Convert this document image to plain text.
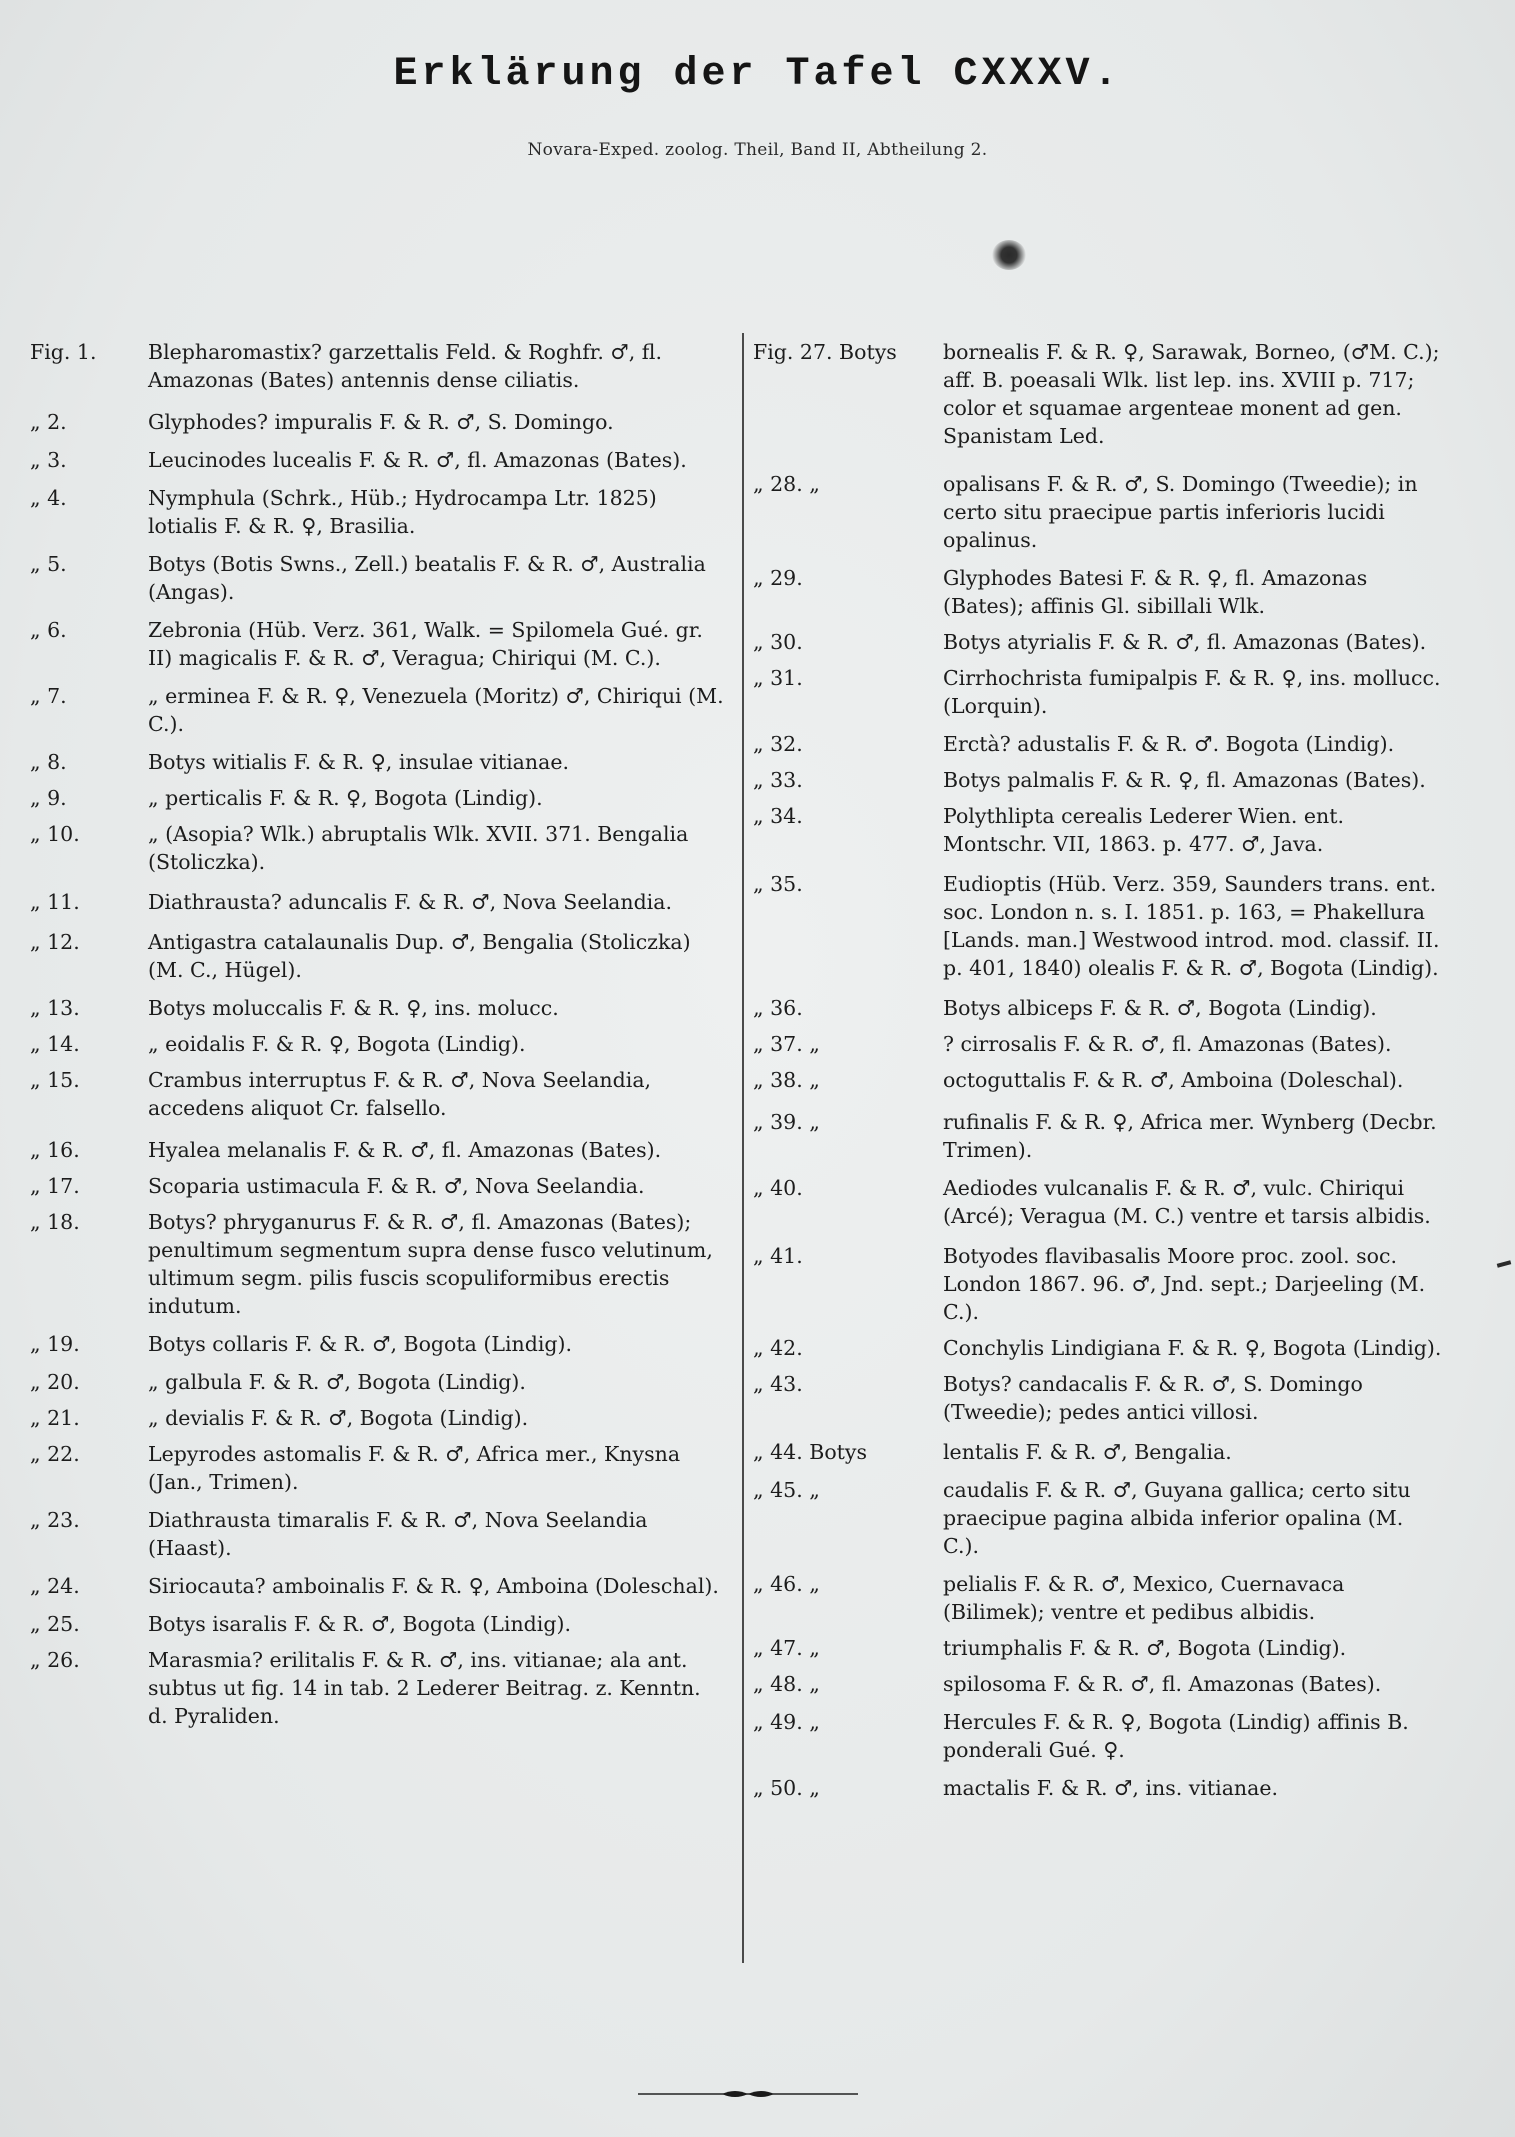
Erklärung der Tafel CXXXV.
Novara-Exped. zoolog. Theil, Band II, Abtheilung 2.
Fig. 1.	Blepharomastix? garzettalis Feld. & Roghfr. ♂, fl. Amazonas (Bates) antennis dense ciliatis.
„ 2.	Glyphodes? impuralis F. & R. ♂, S. Domingo.
„ 3.	Leucinodes lucealis F. & R. ♂, fl. Amazonas (Bates).
„ 4.	Nymphula (Schrk., Hüb.; Hydrocampa Ltr. 1825) lotialis F. & R. ♀, Brasilia.
„ 5.	Botys (Botis Swns., Zell.) beatalis F. & R. ♂, Australia (Angas).
„ 6.	Zebronia (Hüb. Verz. 361, Walk. = Spilomela Gué. gr. II) magicalis F. & R. ♂, Veragua; Chiriqui (M. C.).
„ 7.	„ erminea F. & R. ♀, Venezuela (Moritz) ♂, Chiriqui (M. C.).
„ 8.	Botys witialis F. & R. ♀, insulae vitianae.
„ 9.	„ perticalis F. & R. ♀, Bogota (Lindig).
„ 10.	„ (Asopia? Wlk.) abruptalis Wlk. XVII. 371. Bengalia (Stoliczka).
„ 11.	Diathrausta? aduncalis F. & R. ♂, Nova Seelandia.
„ 12.	Antigastra catalaunalis Dup. ♂, Bengalia (Stoliczka) (M. C., Hügel).
„ 13.	Botys moluccalis F. & R. ♀, ins. molucc.
„ 14.	„ eoidalis F. & R. ♀, Bogota (Lindig).
„ 15.	Crambus interruptus F. & R. ♂, Nova Seelandia, accedens aliquot Cr. falsello.
„ 16.	Hyalea melanalis F. & R. ♂, fl. Amazonas (Bates).
„ 17.	Scoparia ustimacula F. & R. ♂, Nova Seelandia.
„ 18.	Botys? phryganurus F. & R. ♂, fl. Amazonas (Bates); penultimum segmentum supra dense fusco velutinum, ultimum segm. pilis fuscis scopuliformibus erectis indutum.
„ 19.	Botys collaris F. & R. ♂, Bogota (Lindig).
„ 20.	„ galbula F. & R. ♂, Bogota (Lindig).
„ 21.	„ devialis F. & R. ♂, Bogota (Lindig).
„ 22.	Lepyrodes astomalis F. & R. ♂, Africa mer., Knysna (Jan., Trimen).
„ 23.	Diathrausta timaralis F. & R. ♂, Nova Seelandia (Haast).
„ 24.	Siriocauta? amboinalis F. & R. ♀, Amboina (Doleschal).
„ 25.	Botys isaralis F. & R. ♂, Bogota (Lindig).
„ 26.	Marasmia? erilitalis F. & R. ♂, ins. vitianae; ala ant. subtus ut fig. 14 in tab. 2 Lederer Beitrag. z. Kenntn. d. Pyraliden.
Fig. 27. Botys	bornealis F. & R. ♀, Sarawak, Borneo, (♂M. C.); aff. B. poeasali Wlk. list lep. ins. XVIII p. 717; color et squamae argenteae monent ad gen. Spanistam Led.
„ 28. „	opalisans F. & R. ♂, S. Domingo (Tweedie); in certo situ praecipue partis inferioris lucidi opalinus.
„ 29.	Glyphodes Batesi F. & R. ♀, fl. Amazonas (Bates); affinis Gl. sibillali Wlk.
„ 30.	Botys atyrialis F. & R. ♂, fl. Amazonas (Bates).
„ 31.	Cirrhochrista fumipalpis F. & R. ♀, ins. mollucc. (Lorquin).
„ 32.	Erctà? adustalis F. & R. ♂. Bogota (Lindig).
„ 33.	Botys palmalis F. & R. ♀, fl. Amazonas (Bates).
„ 34.	Polythlipta cerealis Lederer Wien. ent. Montschr. VII, 1863. p. 477. ♂, Java.
„ 35.	Eudioptis (Hüb. Verz. 359, Saunders trans. ent. soc. London n. s. I. 1851. p. 163, = Phakellura [Lands. man.] Westwood introd. mod. classif. II. p. 401, 1840) olealis F. & R. ♂, Bogota (Lindig).
„ 36.	Botys albiceps F. & R. ♂, Bogota (Lindig).
„ 37. „	? cirrosalis F. & R. ♂, fl. Amazonas (Bates).
„ 38. „	octoguttalis F. & R. ♂, Amboina (Doleschal).
„ 39. „	rufinalis F. & R. ♀, Africa mer. Wynberg (Decbr. Trimen).
„ 40.	Aediodes vulcanalis F. & R. ♂, vulc. Chiriqui (Arcé); Veragua (M. C.) ventre et tarsis albidis.
„ 41.	Botyodes flavibasalis Moore proc. zool. soc. London 1867. 96. ♂, Jnd. sept.; Darjeeling (M. C.).
„ 42.	Conchylis Lindigiana F. & R. ♀, Bogota (Lindig).
„ 43.	Botys? candacalis F. & R. ♂, S. Domingo (Tweedie); pedes antici villosi.
„ 44. Botys	lentalis F. & R. ♂, Bengalia.
„ 45. „	caudalis F. & R. ♂, Guyana gallica; certo situ praecipue pagina albida inferior opalina (M. C.).
„ 46. „	pelialis F. & R. ♂, Mexico, Cuernavaca (Bilimek); ventre et pedibus albidis.
„ 47. „	triumphalis F. & R. ♂, Bogota (Lindig).
„ 48. „	spilosoma F. & R. ♂, fl. Amazonas (Bates).
„ 49. „	Hercules F. & R. ♀, Bogota (Lindig) affinis B. ponderali Gué. ♀.
„ 50. „	mactalis F. & R. ♂, ins. vitianae.
